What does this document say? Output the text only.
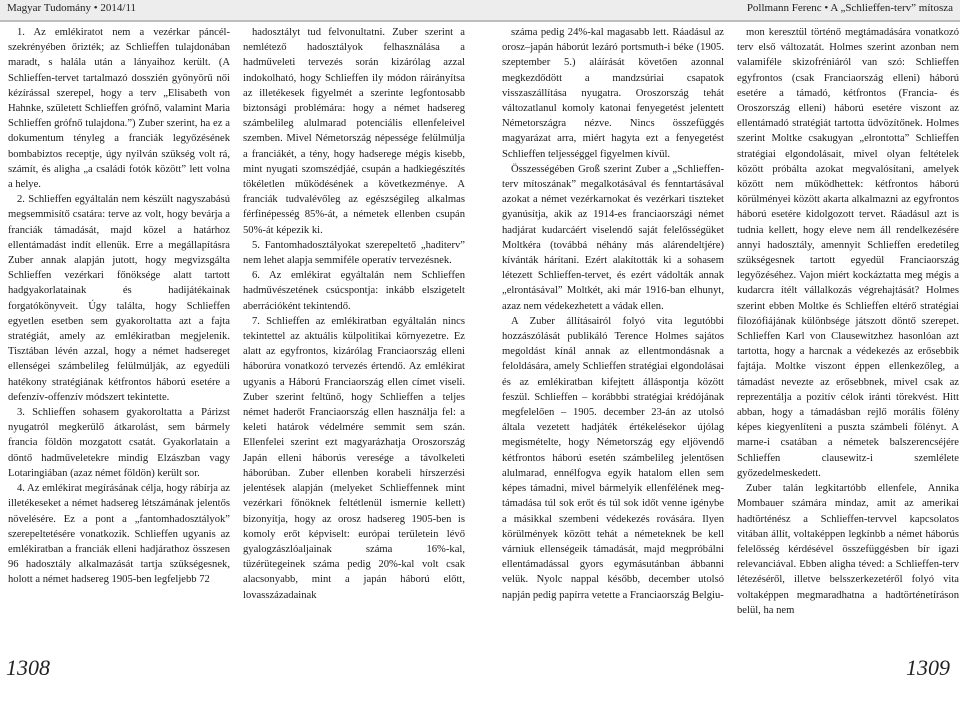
Magyar Tudomány • 2014/11	Pollmann Ferenc • A „Schlieffen-terv” mítosza

1. Az emlékiratot nem a vezérkar páncélszekrényében őrizték; az Schlieffen tulajdonában maradt, s halála után a lányaihoz került. (A Schlieffen-tervet tartalmazó dosszién gyönyörű női kézírással szerepel, hogy a terv „Elisabeth von Hahnke, született Schlieffen grófnő, valamint Maria Schlieffen grófnő tulajdona.”) Zuber szerint, ha ez a dokumentum tényleg a franciák legyőzésének bombabiztos receptje, úgy nyilván szükség volt rá, számít, és aligha „a családi fotók között” lett volna a helye.

2. Schlieffen egyáltalán nem készült nagyszabású megsemmisítő csatára: terve az volt, hogy bevárja a franciák támadását, majd közel a határhoz ellentámadást indít ellenük. Erre a megállapításra Zuber annak alapján jutott, hogy megvizsgálta Schlieffen vezérkari főnöksége alatt tartott hadgyakorlatainak és hadijátékainak forgatókönyveit. Úgy találta, hogy Schlieffen egyetlen esetben sem gyakoroltatta azt a fajta stratégiát, amely az emlékiratban megjelenik. Tisztában lévén azzal, hogy a német hadsereget ellenségei számbelileg felülmúlják, az egyedüli hatékony stratégiának kétfrontos háború esetére a defenzív-offenzív módszert tekintette.

3. Schlieffen sohasem gyakoroltatta a Párizst nyugatról megkerülő átkarolást, sem bármely francia földön mozgatott csatát. Gyakorlatain a döntő hadműveletekre mindig Elzászban vagy Lotaringiában (azaz német földön) került sor.

4. Az emlékirat megírásának célja, hogy rábírja az illetékeseket a német hadsereg létszámának jelentős növelésére. Ez a pont a „fantomhadosztályok” szerepeltetésére vonatkozik. Schlieffen ugyanis az emlékiratban a franciák elleni hadjárathoz összesen 96 hadosztály alkalmazását tartja szükségesnek, holott a német hadsereg 1905-ben legfeljebb 72

hadosztályt tud felvonultatni. Zuber szerint a nemlétező hadosztályok felhasználása a hadműveleti tervezés során kizárólag azzal indokolható, hogy Schlieffen ily módon ráirányítsa az illetékesek figyelmét a szerinte legfontosabb biztonsági problémára: hogy a német hadsereg számbelileg alulmarad potenciális ellenfeleivel szemben. Mivel Németország népessége felülmúlja a franciákét, a tény, hogy hadserege mégis kisebb, mint nyugati szomszédjáé, csupán a hadkiegészítés tökéletlen működésének a következménye. A franciák tudvalévőleg az egészségileg alkalmas férfinépesség 85%-át, a németek ellenben csupán 50%-át képezik ki.

5. Fantomhadosztályokat szerepeltető „haditerv” nem lehet alapja semmiféle operatív tervezésnek.

6. Az emlékirat egyáltalán nem Schlieffen hadművészetének csúcspontja: inkább elszigetelt aberrációként tekintendő.

7. Schlieffen az emlékiratban egyáltalán nincs tekintettel az aktuális külpolitikai környezetre. Ez alatt az egyfrontos, kizárólag Franciaország elleni háborúra vonatkozó tervezés értendő. Az emlékirat ugyanis a Háború Franciaország ellen címet viseli. Zuber szerint feltűnő, hogy Schlieffen a teljes német haderőt Franciaország ellen használja fel: a keleti határok védelmére semmit sem szán. Ellenfelei szerint ezt magyarázhatja Oroszország Japán elleni háborús veresége a távolkeleti háborúban. Zuber ellenben korabeli hírszerzési jelentések alapján (melyeket Schlieffennek mint vezérkari főnöknek feltétlenül ismernie kellett) bizonyítja, hogy az orosz hadsereg 1905-ben is komoly erőt képviselt: európai területein lévő gyalogzászlóaljainak száma 16%-kal, tüzérütegeinek száma pedig 20%-kal volt csak alacsonyabb, mint a japán háború előtt, lovasszázadainak

száma pedig 24%-kal magasabb lett. Ráadásul az orosz–japán háborút lezáró portsmuth-i béke (1905. szeptember 5.) aláírását követően azonnal megkezdődött a mandzsúriai csapatok visszaszállítása nyugatra. Oroszország tehát változatlanul komoly katonai fenyegetést jelentett Németországra nézve. Nincs összefüggés magyarázat arra, miért hagyta ezt a fenyegetést Schlieffen teljességgel figyelmen kívül.

Összességében Groß szerint Zuber a „Schlieffen-terv mítoszának” megalkotásával és fenntartásával azokat a német vezérkarnokat és vezérkari tiszteket gyanúsítja, akik az 1914-es franciaországi német hadjárat kudarcáért viselendő saját felelősségüket Moltkéra (továbbá néhány más alárendeltjére) kívánták hárítani. Ezért alakították ki a sohasem létezett Schlieffen-tervet, és ezért vádolták annak „elrontásával” Moltkét, aki már 1916-ban elhunyt, azaz nem védekezhetett a vádak ellen.

A Zuber állításairól folyó vita legutóbbi hozzászólását publikáló Terence Holmes sajátos megoldást kínál annak az ellentmondásnak a feloldására, amely Schlieffen stratégiai elgondolásai és az emlékiratban kifejtett álláspontja között feszül. Schlieffen – korábbbi stratégiai krédójának megfelelően – 1905. december 23-án az utolsó általa vezetett hadjáték értékelésekor újólag megismételte, hogy Németország egy eljövendő kétfrontos háború esetén számbelileg jelentősen alulmarad, ennélfogva egyik hatalom ellen sem képes támadni, mivel bármelyik ellenfélének megtámadása túl sok erőt és túl sok időt venne igénybe a másikkal szembeni védekezés rovására. Ilyen körülmények között tehát a németeknek be kell várniuk ellenségeik támadását, majd megpróbálni ellentámadással gyors egymásutánban ábbanni velük. Nyolc nappal később, december utolsó napján pedig papírra vetette a Franciaország Belgiu-

mon keresztül történő megtámadására vonatkozó terv első változatát. Holmes szerint azonban nem valamiféle skizofréniáról van szó: Schlieffen egyfrontos (csak Franciaország elleni) háború esetére a támadó, kétfrontos (Francia- és Oroszország elleni) háború esetére viszont az ellentámadó stratégiát tartotta üdvözítőnek. Holmes szerint Moltke csakugyan „elrontotta” Schlieffen stratégiai elgondolásait, mivel olyan feltételek között próbálta azokat megvalósítani, amelyek között nem működhettek: kétfrontos háború körülményei között akarta alkalmazni az egyfrontos háború esetére kidolgozott tervet. Ráadásul azt is tudnia kellett, hogy eleve nem áll rendelkezésére annyi hadosztály, amennyit Schlieffen eredetileg szükségesnek tartott egyedül Franciaország legyőzéséhez. Vajon miért kockáztatta meg mégis a kudarcra ítélt vállalkozás végrehajtását? Holmes szerint ebben Moltke és Schlieffen eltérő stratégiai filozófiájának különbsége játszott döntő szerepet. Schlieffen Karl von Clausewitzhez hasonlóan azt tartotta, hogy a harcnak a védekezés az erősebbik fajtája. Moltke viszont éppen ellenkezőleg, a támadást nevezte az erősebbnek, mivel csak az reprezentálja a pozitív célok iránti törekvést. Hitt abban, hogy a támadásban rejlő morális fölény képes kiegyenlíteni a puszta számbeli fölényt. A marne-i csatában a németek balszerencséjére Schlieffen clausewitz-i szemlélete győzedelmeskedett.

Zuber talán legkitartóbb ellenfele, Annika Mombauer számára mindaz, amit az amerikai hadtörténész a Schlieffen-tervvel kapcsolatos vitában állít, voltaképpen legkínbb a német háborús felelősség kérdésével összefüggésben bír igazi relevanciával. Ebben aligha téved: a Schlieffen-terv létezéséről, illetve belsszerkezetéről folyó vita voltaképpen megmaradhatna a hadtörténetíráson belül, ha nem

1308	1309
